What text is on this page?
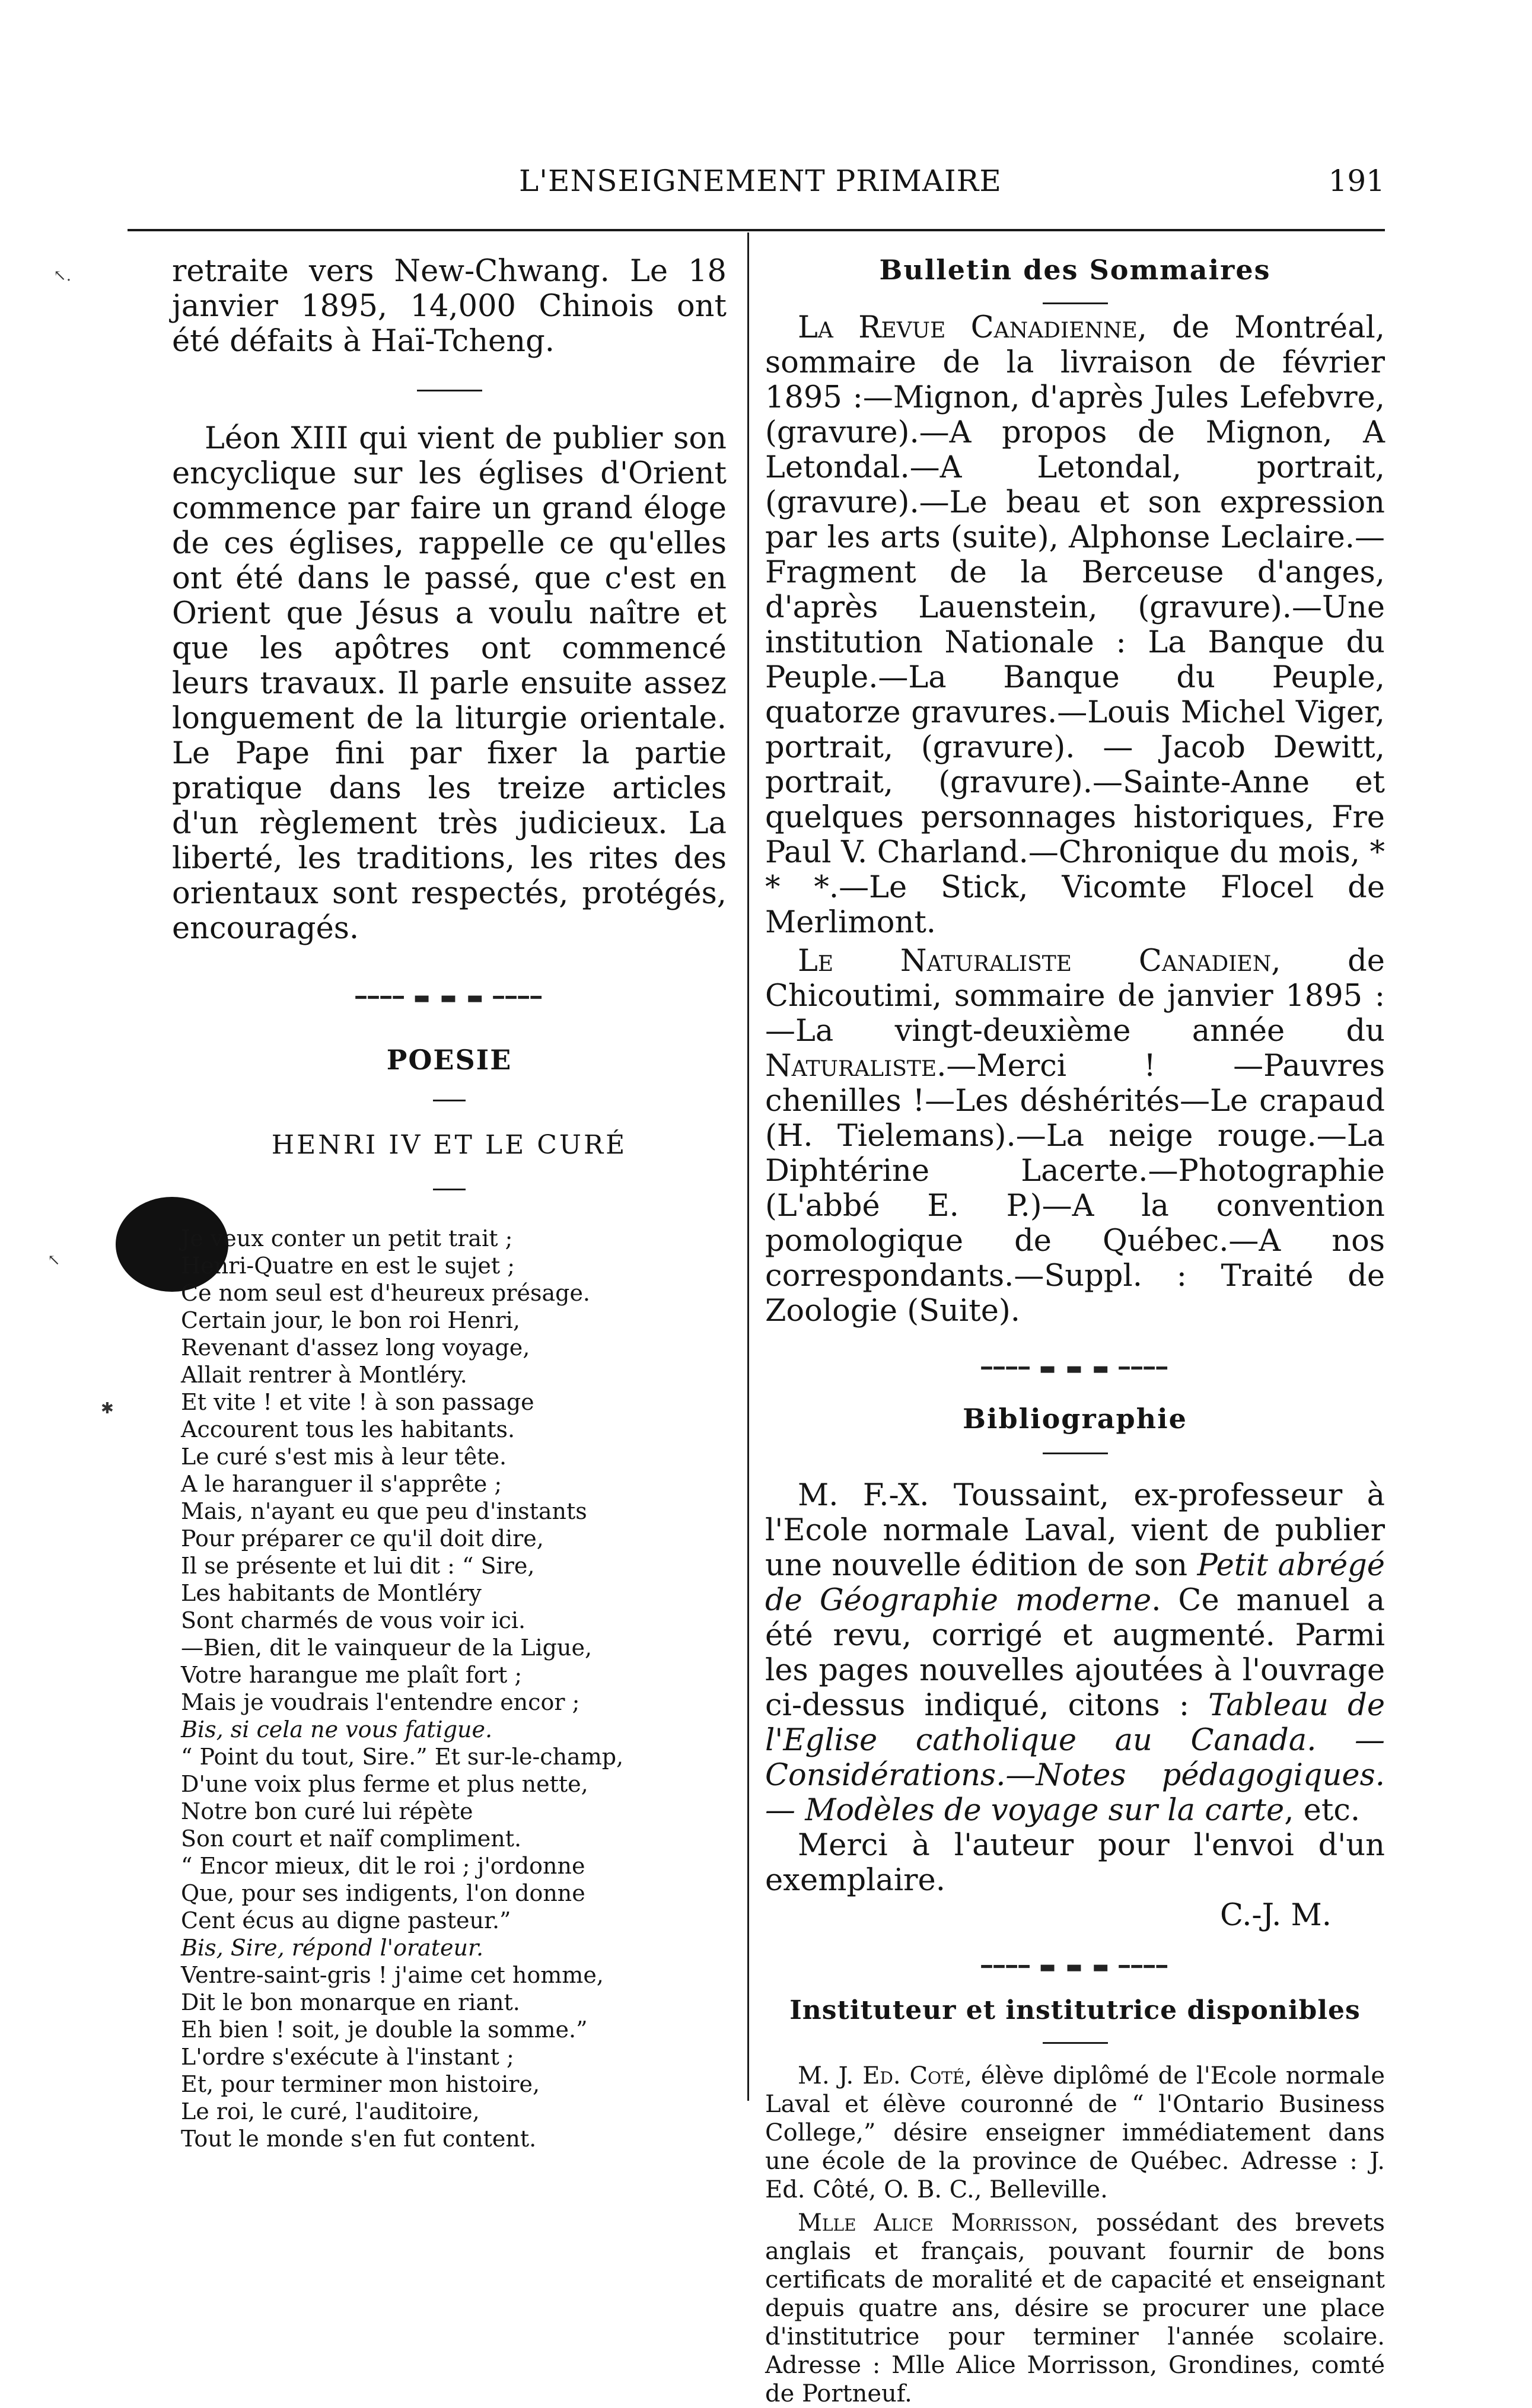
L'ENSEIGNEMENT PRIMAIRE	191

retraite vers New-Chwang. Le 18 janvier 1895, 14,000 Chinois ont été défaits à Haï-Tcheng.

Léon XIII qui vient de publier son encyclique sur les églises d'Orient commence par faire un grand éloge de ces églises, rappelle ce qu'elles ont été dans le passé, que c'est en Orient que Jésus a voulu naître et que les apôtres ont commencé leurs travaux. Il parle ensuite assez longuement de la liturgie orientale. Le Pape fini par fixer la partie pratique dans les treize articles d'un règlement très judicieux. La liberté, les traditions, les rites des orientaux sont respectés, protégés, encouragés.

━━━━ ▬ ▬ ▬ ━━━━
POESIE
HENRI IV ET LE CURÉ
Je veux conter un petit trait ;
Henri-Quatre en est le sujet ;
Ce nom seul est d'heureux présage.
Certain jour, le bon roi Henri,
Revenant d'assez long voyage,
Allait rentrer à Montléry.
Et vite ! et vite ! à son passage
Accourent tous les habitants.
Le curé s'est mis à leur tête.
A le haranguer il s'apprête ;
Mais, n'ayant eu que peu d'instants
Pour préparer ce qu'il doit dire,
Il se présente et lui dit : “ Sire,
Les habitants de Montléry
Sont charmés de vous voir ici.
—Bien, dit le vainqueur de la Ligue,
Votre harangue me plaît fort ;
Mais je voudrais l'entendre encor ;
Bis, si cela ne vous fatigue.
“ Point du tout, Sire.” Et sur-le-champ,
D'une voix plus ferme et plus nette,
Notre bon curé lui répète
Son court et naïf compliment.
“ Encor mieux, dit le roi ; j'ordonne
Que, pour ses indigents, l'on donne
Cent écus au digne pasteur.”
Bis, Sire, répond l'orateur.
Ventre-saint-gris ! j'aime cet homme,
Dit le bon monarque en riant.
Eh bien ! soit, je double la somme.”
L'ordre s'exécute à l'instant ;
Et, pour terminer mon histoire,
Le roi, le curé, l'auditoire,
Tout le monde s'en fut content.
Bulletin des Sommaires

La Revue Canadienne, de Montréal, sommaire de la livraison de février 1895 :—Mignon, d'après Jules Lefebvre, (gravure).—A propos de Mignon, A Letondal.—A Letondal, portrait, (gravure).—Le beau et son expression par les arts (suite), Alphonse Leclaire.—Fragment de la Berceuse d'anges, d'après Lauenstein, (gravure).—Une institution Nationale : La Banque du Peuple.—La Banque du Peuple, quatorze gravures.—Louis Michel Viger, portrait, (gravure). — Jacob Dewitt, portrait, (gravure).—Sainte-Anne et quelques personnages historiques, Fre Paul V. Charland.—Chronique du mois, * * *.—Le Stick, Vicomte Flocel de Merlimont.

Le Naturaliste Canadien, de Chicoutimi, sommaire de janvier 1895 :—La vingt-deuxième année du Naturaliste.—Merci ! —Pauvres chenilles !—Les déshérités—Le crapaud (H. Tielemans).—La neige rouge.—La Diphtérine Lacerte.—Photographie (L'abbé E. P.)—A la convention pomologique de Québec.—A nos correspondants.—Suppl. : Traité de Zoologie (Suite).

━━━━ ▬ ▬ ▬ ━━━━
Bibliographie

M. F.-X. Toussaint, ex-professeur à l'Ecole normale Laval, vient de publier une nouvelle édition de son Petit abrégé de Géographie moderne. Ce manuel a été revu, corrigé et augmenté. Parmi les pages nouvelles ajoutées à l'ouvrage ci-dessus indiqué, citons : Tableau de l'Eglise catholique au Canada. —Considérations.—Notes pédagogiques. — Modèles de voyage sur la carte, etc.

Merci à l'auteur pour l'envoi d'un exemplaire.

C.-J. M.

━━━━ ▬ ▬ ▬ ━━━━
Instituteur et institutrice disponibles

M. J. Ed. Coté, élève diplômé de l'Ecole normale Laval et élève couronné de “ l'Ontario Business College,” désire enseigner immédiatement dans une école de la province de Québec. Adresse : J. Ed. Côté, O. B. C., Belleville.

Mlle Alice Morrisson, possédant des brevets anglais et français, pouvant fournir de bons certificats de moralité et de capacité et enseignant depuis quatre ans, désire se procurer une place d'institutrice pour terminer l'année scolaire. Adresse : Mlle Alice Morrisson, Grondines, comté de Portneuf.

↖.
↖
✱
